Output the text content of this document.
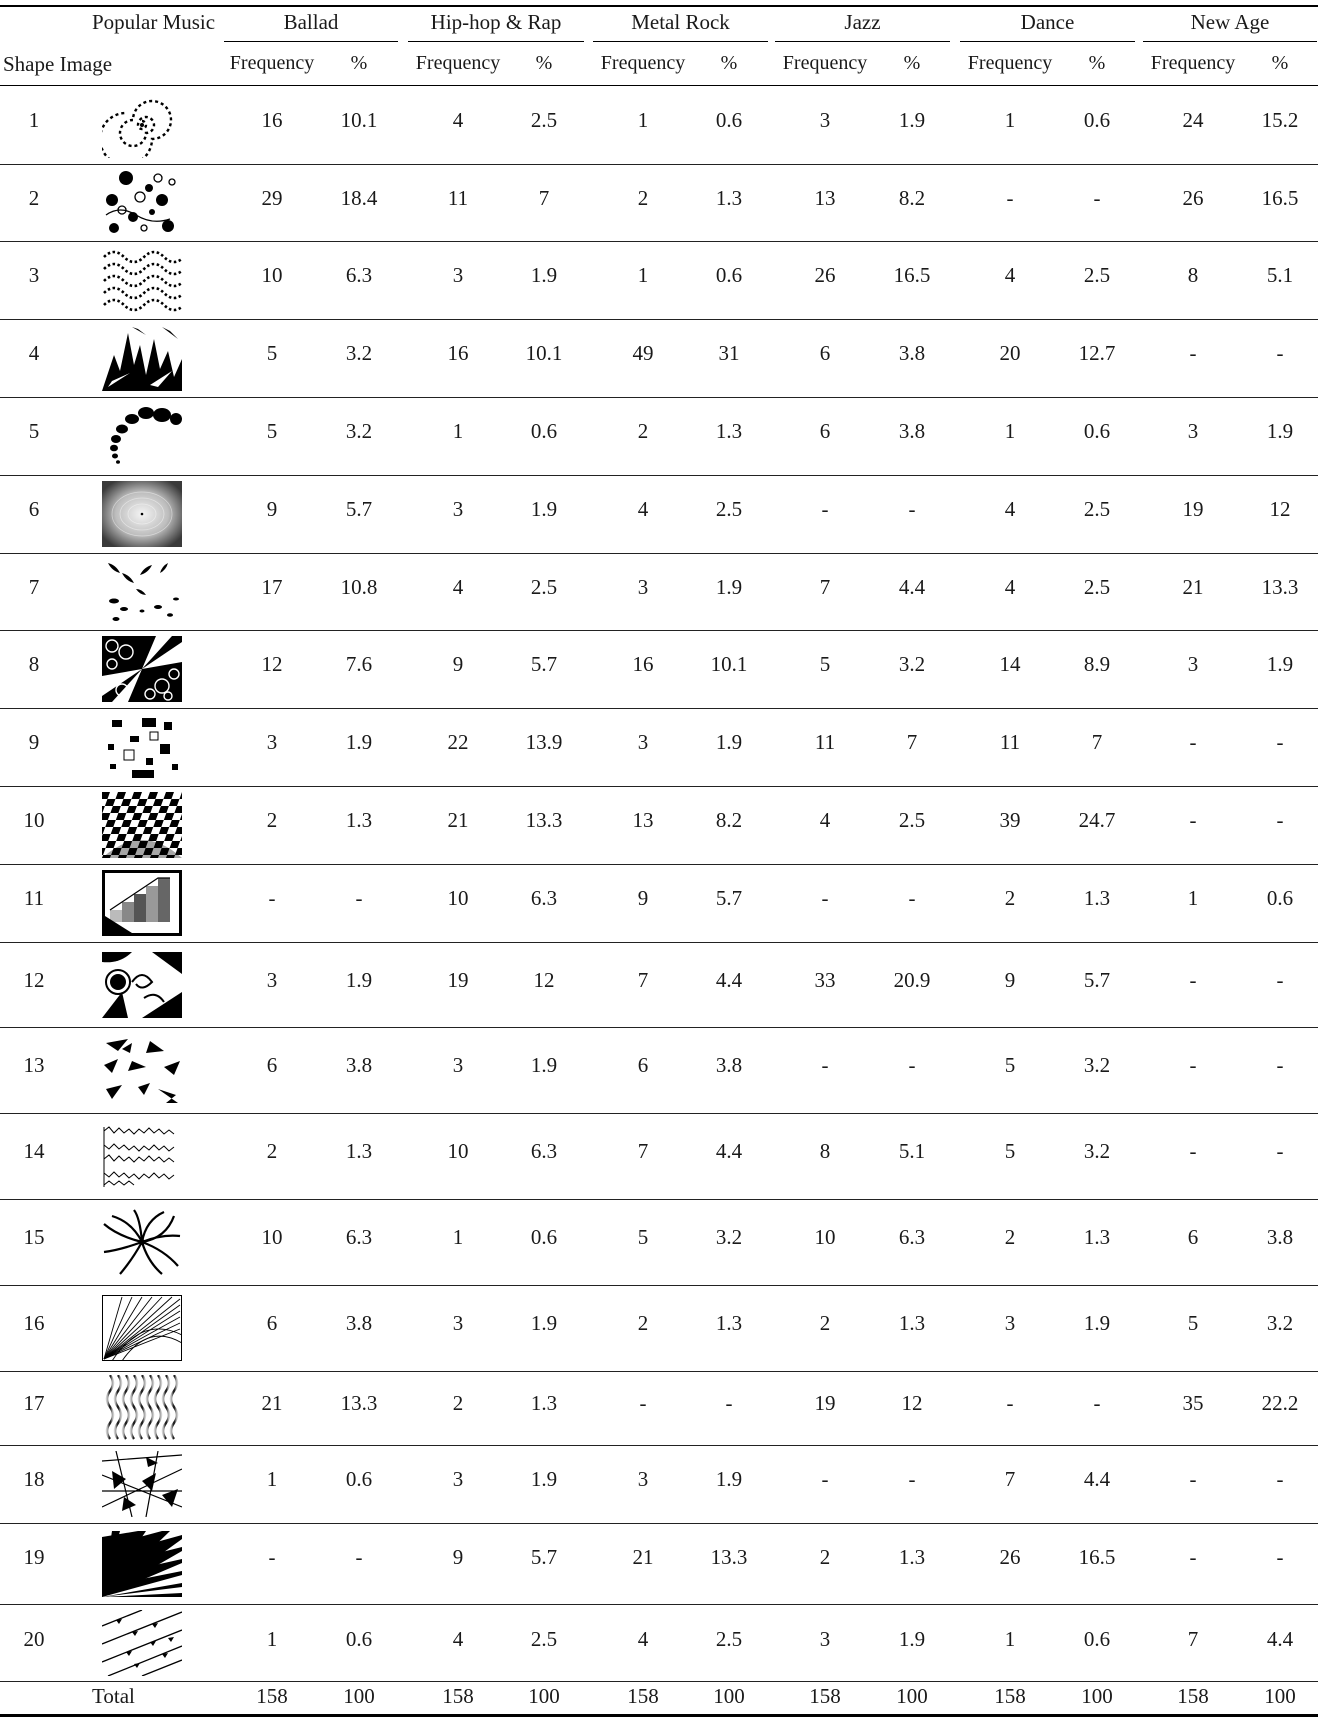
Popular Music
Shape Image
Ballad	Hip-hop & Rap	Metal Rock	Jazz	Dance	New Age
Frequency	%	Frequency	%	Frequency	%	Frequency	%	Frequency	%	Frequency	%
1	16	10.1	4	2.5	1	0.6	3	1.9	1	0.6	24	15.2
2	29	18.4	11	7	2	1.3	13	8.2	-	-	26	16.5
3	10	6.3	3	1.9	1	0.6	26	16.5	4	2.5	8	5.1
4	5	3.2	16	10.1	49	31	6	3.8	20	12.7	-	-
5	5	3.2	1	0.6	2	1.3	6	3.8	1	0.6	3	1.9
6	9	5.7	3	1.9	4	2.5	-	-	4	2.5	19	12
7	17	10.8	4	2.5	3	1.9	7	4.4	4	2.5	21	13.3
8	12	7.6	9	5.7	16	10.1	5	3.2	14	8.9	3	1.9
9	3	1.9	22	13.9	3	1.9	11	7	11	7	-	-
10	2	1.3	21	13.3	13	8.2	4	2.5	39	24.7	-	-
11	-	-	10	6.3	9	5.7	-	-	2	1.3	1	0.6
12	3	1.9	19	12	7	4.4	33	20.9	9	5.7	-	-
13	6	3.8	3	1.9	6	3.8	-	-	5	3.2	-	-
14	2	1.3	10	6.3	7	4.4	8	5.1	5	3.2	-	-
15	10	6.3	1	0.6	5	3.2	10	6.3	2	1.3	6	3.8
16	6	3.8	3	1.9	2	1.3	2	1.3	3	1.9	5	3.2
17	21	13.3	2	1.3	-	-	19	12	-	-	35	22.2
18	1	0.6	3	1.9	3	1.9	-	-	7	4.4	-	-
19	-	-	9	5.7	21	13.3	2	1.3	26	16.5	-	-
20	1	0.6	4	2.5	4	2.5	3	1.9	1	0.6	7	4.4
Total	158	100	158	100	158	100	158	100	158	100	158	100
